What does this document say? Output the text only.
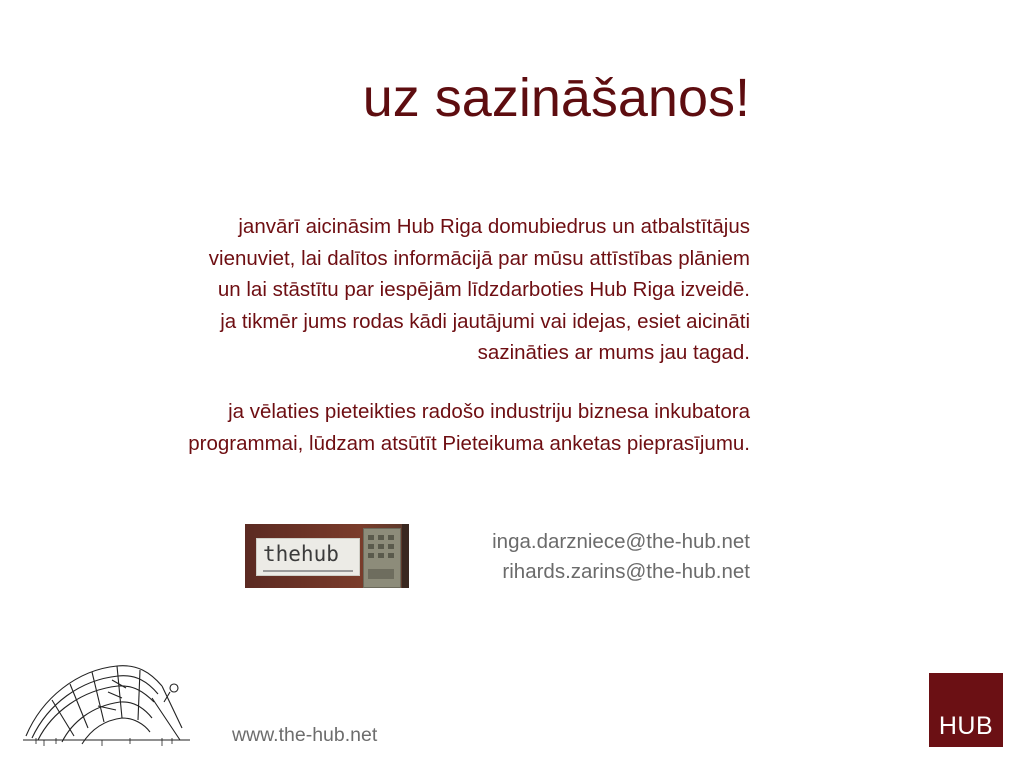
uz sazināšanos!
janvārī aicināsim Hub Riga domubiedrus un atbalstītājus
vienuviet, lai dalītos informācijā par mūsu attīstības plāniem
un lai stāstītu par iespējām līdzdarboties Hub Riga izveidē.
ja tikmēr jums rodas kādi jautājumi vai idejas, esiet aicināti
sazināties ar mums jau tagad.
ja vēlaties pieteikties radošo industriju biznesa inkubatora
programmai, lūdzam atsūtīt Pieteikuma anketas pieprasījumu.
thehub
inga.darzniece@the-hub.net
rihards.zarins@the-hub.net
www.the-hub.net	HUB
